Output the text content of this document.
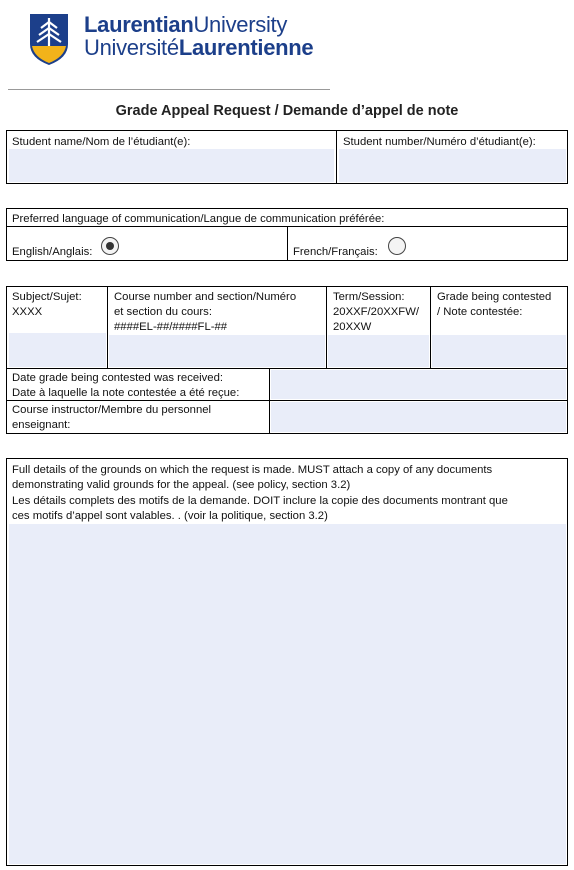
LaurentianUniversity
UniversitéLaurentienne
Grade Appeal Request / Demande d’appel de note
Student name/Nom de l’étudiant(e):	Student number/Numéro d’étudiant(e):
Preferred language of communication/Langue de communication préférée:
English/Anglais:	French/Français:
Subject/Sujet:
XXXX
Course number and section/Numéro
et section du cours:
####EL-##/####FL-##
Term/Session:
20XXF/20XXFW/
20XXW
Grade being contested
/ Note contestée:
Date grade being contested was received:
Date à laquelle la note contestée a été reçue:
Course instructor/Membre du personnel
enseignant:
Full details of the grounds on which the request is made. MUST attach a copy of any documents
demonstrating valid grounds for the appeal. (see policy, section 3.2)
Les détails complets des motifs de la demande. DOIT inclure la copie des documents montrant que
ces motifs d’appel sont valables. . (voir la politique, section 3.2)
